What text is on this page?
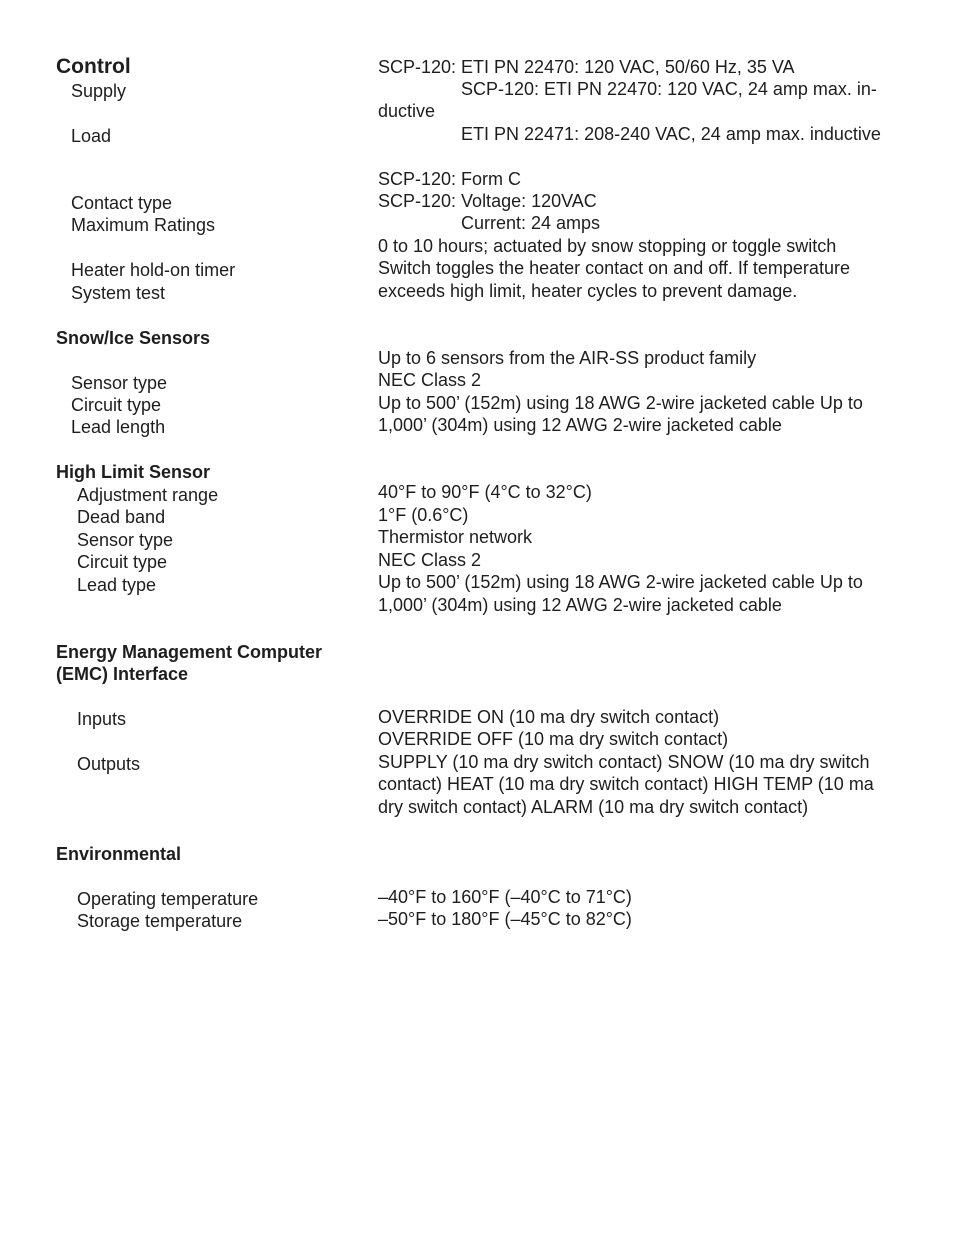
Control
Supply
Load
Contact type
Maximum Ratings
Heater hold-on timer
System test
SCP-120: ETI PN 22470: 120 VAC, 50/60 Hz, 35 VA
SCP-120: ETI PN 22470: 120 VAC, 24 amp max. in-
ductive
ETI PN 22471: 208-240 VAC, 24 amp max. inductive
SCP-120: Form C
SCP-120: Voltage: 120VAC
Current: 24 amps
0 to 10 hours; actuated by snow stopping or toggle switch
Switch toggles the heater contact on and off. If temperature
exceeds high limit, heater cycles to prevent damage.
Snow/Ice Sensors
Sensor type
Circuit type
Lead length
Up to 6 sensors from the AIR-SS product family
NEC Class 2
Up to 500’ (152m) using 18 AWG 2-wire jacketed cable Up to
1,000’ (304m) using 12 AWG 2-wire jacketed cable
High Limit Sensor
Adjustment range
Dead band
Sensor type
Circuit type
Lead type
40°F to 90°F (4°C to 32°C)
1°F (0.6°C)
Thermistor network
NEC Class 2
Up to 500’ (152m) using 18 AWG 2-wire jacketed cable Up to
1,000’ (304m) using 12 AWG 2-wire jacketed cable
Energy Management Computer
(EMC) Interface
Inputs
Outputs
OVERRIDE ON (10 ma dry switch contact)
OVERRIDE OFF (10 ma dry switch contact)
SUPPLY (10 ma dry switch contact) SNOW (10 ma dry switch
contact) HEAT (10 ma dry switch contact) HIGH TEMP (10 ma
dry switch contact) ALARM (10 ma dry switch contact)
Environmental
Operating temperature
Storage temperature
–40°F to 160°F (–40°C to 71°C)
–50°F to 180°F (–45°C to 82°C)
